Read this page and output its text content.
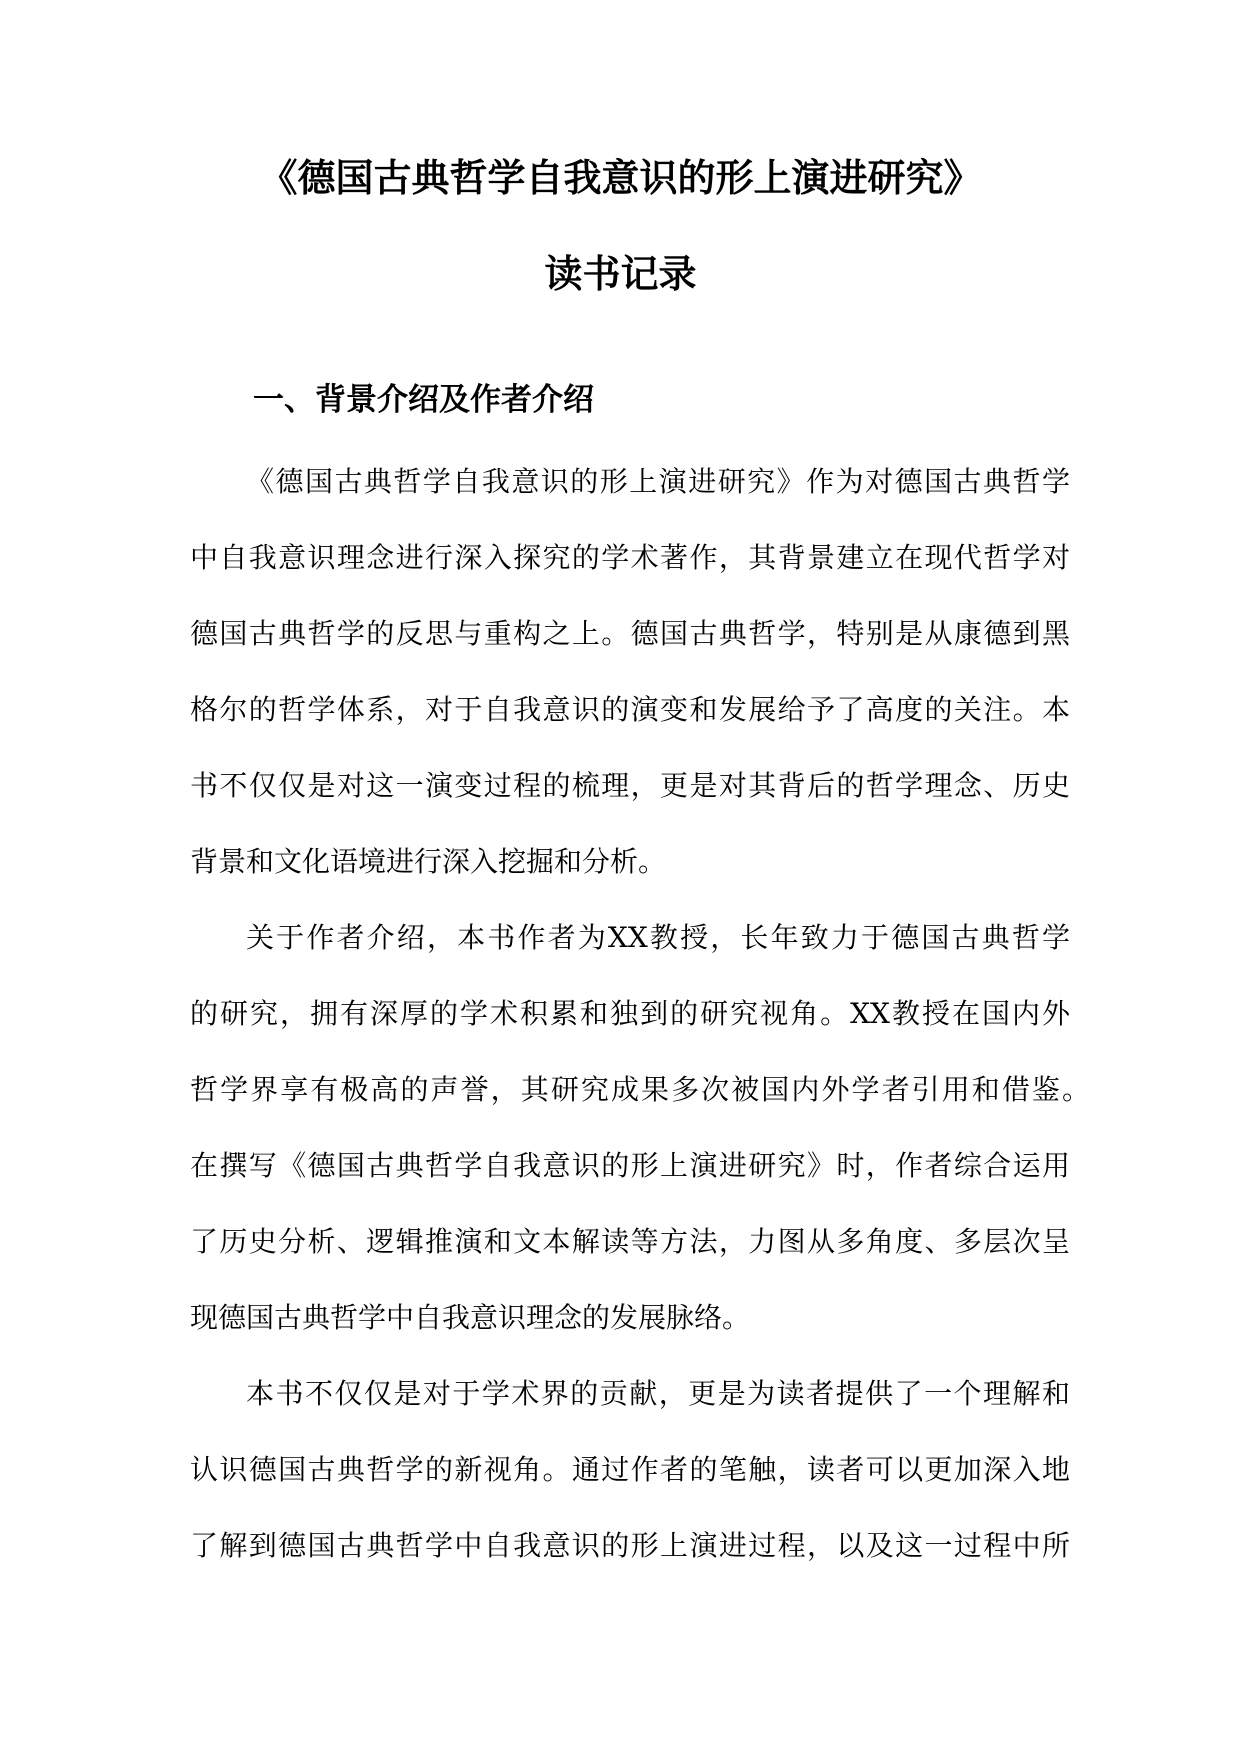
《德国古典哲学自我意识的形上演进研究》
读书记录
一、背景介绍及作者介绍

《德国古典哲学自我意识的形上演进研究》作为对德国古典哲学

中自我意识理念进行深入探究的学术著作，其背景建立在现代哲学对

德国古典哲学的反思与重构之上。德国古典哲学，特别是从康德到黑

格尔的哲学体系，对于自我意识的演变和发展给予了高度的关注。本

书不仅仅是对这一演变过程的梳理，更是对其背后的哲学理念、历史

背景和文化语境进行深入挖掘和分析。

关于作者介绍，本书作者为XX教授，长年致力于德国古典哲学

的研究，拥有深厚的学术积累和独到的研究视角。XX教授在国内外

哲学界享有极高的声誉，其研究成果多次被国内外学者引用和借鉴。

在撰写《德国古典哲学自我意识的形上演进研究》时，作者综合运用

了历史分析、逻辑推演和文本解读等方法，力图从多角度、多层次呈

现德国古典哲学中自我意识理念的发展脉络。

本书不仅仅是对于学术界的贡献，更是为读者提供了一个理解和

认识德国古典哲学的新视角。通过作者的笔触，读者可以更加深入地

了解到德国古典哲学中自我意识的形上演进过程，以及这一过程中所
